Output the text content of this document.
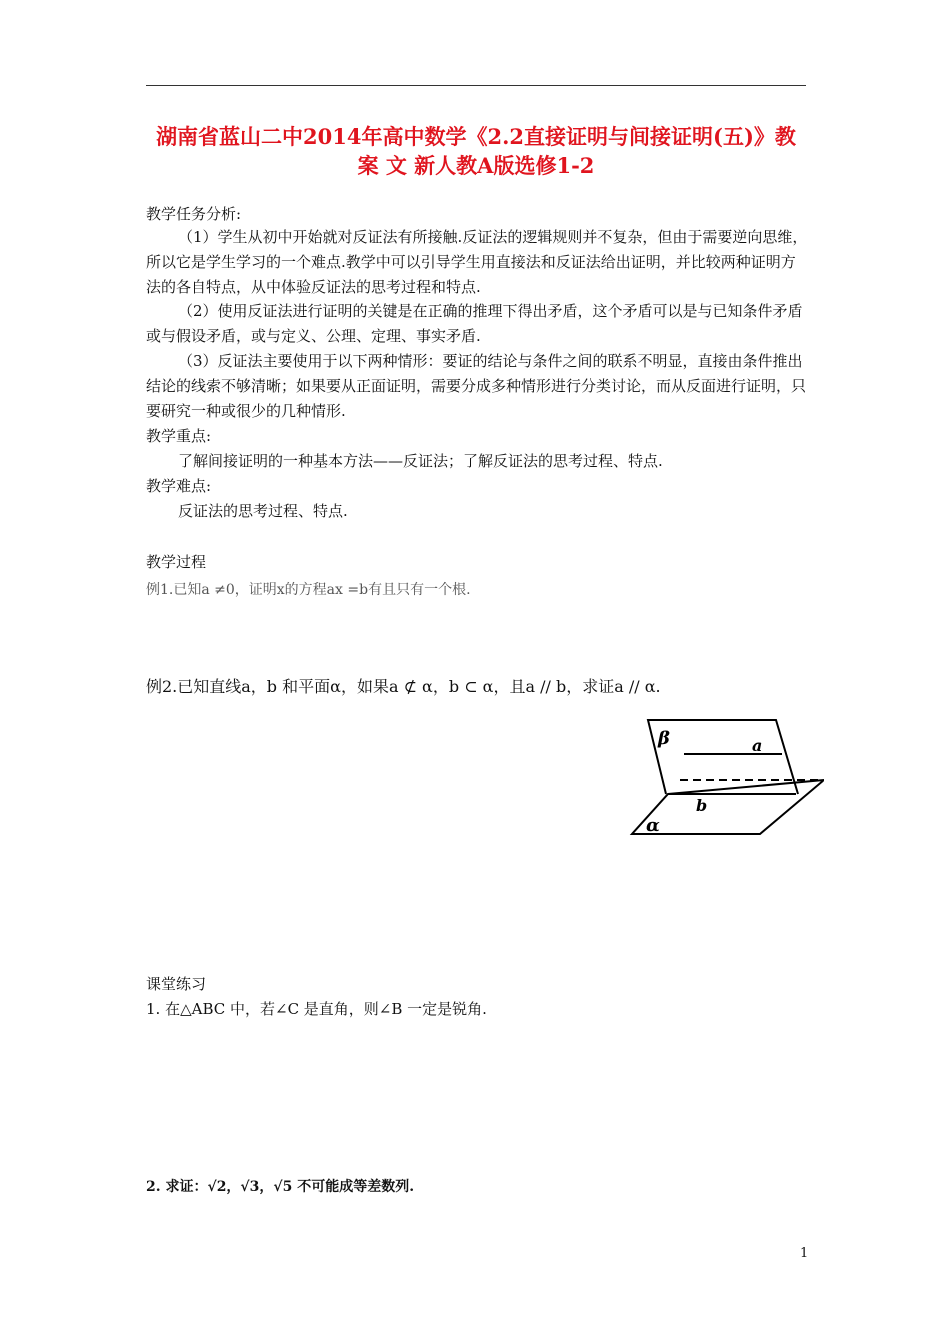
湖南省蓝山二中2014年高中数学《2.2直接证明与间接证明(五)》教
案 文 新人教A版选修1-2

教学任务分析:

（1）学生从初中开始就对反证法有所接触.反证法的逻辑规则并不复杂，但由于需要逆向思维，所以它是学生学习的一个难点.教学中可以引导学生用直接法和反证法给出证明，并比较两种证明方法的各自特点，从中体验反证法的思考过程和特点.

（2）使用反证法进行证明的关键是在正确的推理下得出矛盾，这个矛盾可以是与已知条件矛盾或与假设矛盾，或与定义、公理、定理、事实矛盾.

（3）反证法主要使用于以下两种情形：要证的结论与条件之间的联系不明显，直接由条件推出结论的线索不够清晰；如果要从正面证明，需要分成多种情形进行分类讨论，而从反面进行证明，只要研究一种或很少的几种情形.

教学重点:

了解间接证明的一种基本方法——反证法；了解反证法的思考过程、特点.

教学难点:

反证法的思考过程、特点.

教学过程

例1.已知a ≠0，证明x的方程ax =b有且只有一个根.

例2.已知直线a，b 和平面α，如果a ⊄ α，b ⊂ α，且a // b，求证a // α.

β	a
b
α

课堂练习

1. 在△ABC 中，若∠C 是直角，则∠B 一定是锐角.

2. 求证：√2，√3，√5 不可能成等差数列.

1
